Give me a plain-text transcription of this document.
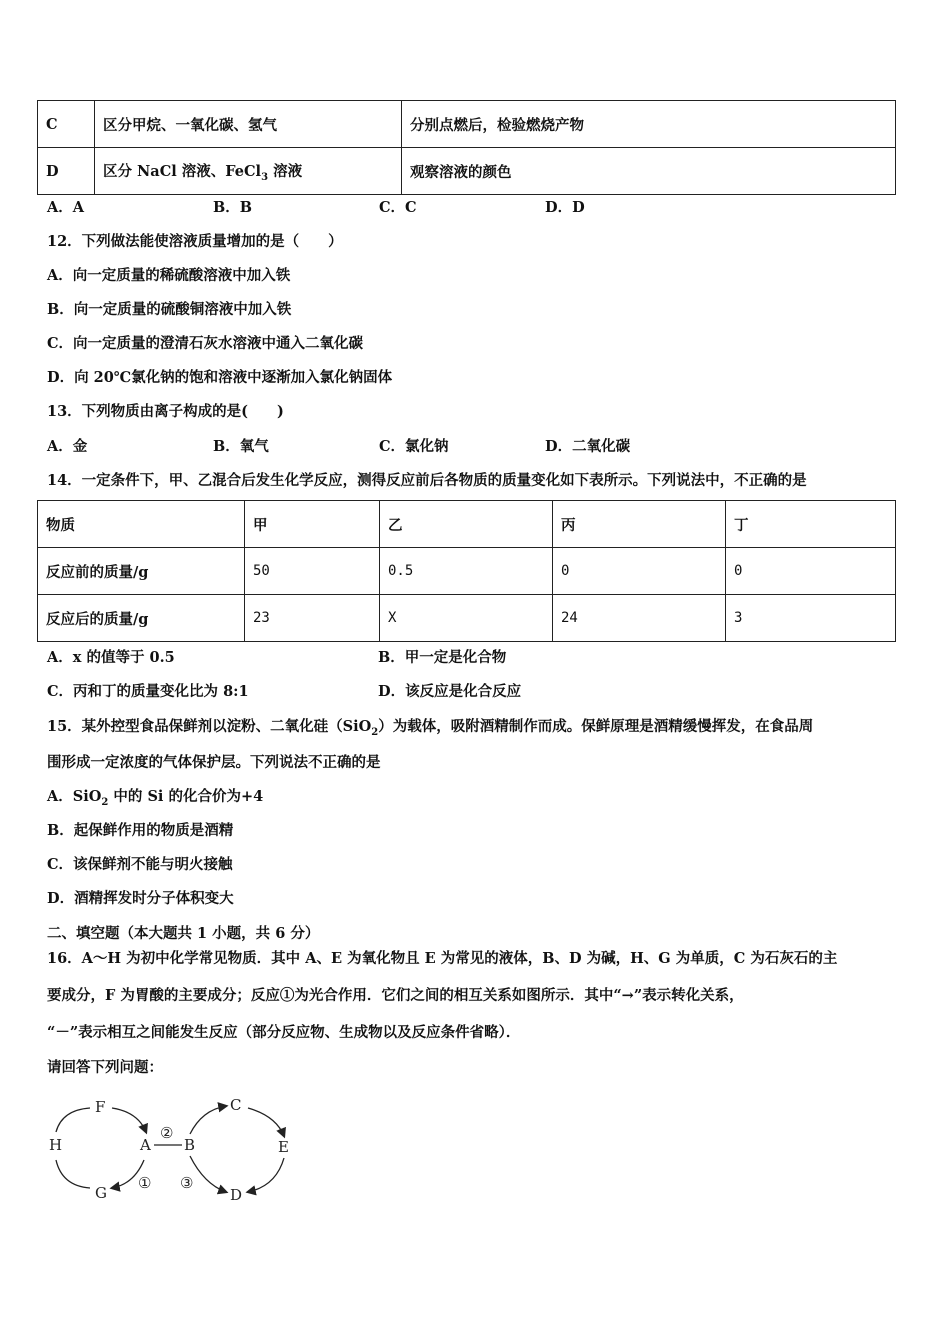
C	区分甲烷、一氧化碳、氢气	分别点燃后，检验燃烧产物
D	区分 NaCl 溶液、FeCl$_3$ 溶液	观察溶液的颜色
A．A	B．B	C．C	D．D
12．下列做法能使溶液质量增加的是（　　）
A．向一定质量的稀硫酸溶液中加入铁
B．向一定质量的硫酸铜溶液中加入铁
C．向一定质量的澄清石灰水溶液中通入二氧化碳
D．向 20℃氯化钠的饱和溶液中逐渐加入氯化钠固体
13．下列物质由离子构成的是(　　)
A．金	B．氧气	C．氯化钠	D．二氧化碳
14．一定条件下，甲、乙混合后发生化学反应，测得反应前后各物质的质量变化如下表所示。下列说法中，不正确的是
物质	甲	乙	丙	丁
反应前的质量/g	50	0.5	0	0
反应后的质量/g	23	X	24	3
A．x 的值等于 0.5	B．甲一定是化合物
C．丙和丁的质量变化比为 8:1	D．该反应是化合反应
15．某外控型食品保鲜剂以淀粉、二氧化硅（SiO$_2$）为载体，吸附酒精制作而成。保鲜原理是酒精缓慢挥发，在食品周
围形成一定浓度的气体保护层。下列说法不正确的是
A．SiO$_2$ 中的 Si 的化合价为+4
B．起保鲜作用的物质是酒精
C．该保鲜剂不能与明火接触
D．酒精挥发时分子体积变大
二、填空题（本大题共 1 小题，共 6 分）
16．A～H 为初中化学常见物质．其中 A、E 为氧化物且 E 为常见的液体，B、D 为碱，H、G 为单质，C 为石灰石的主
要成分，F 为胃酸的主要成分；反应①为光合作用．它们之间的相互关系如图所示．其中“→”表示转化关系，
“－”表示相互之间能发生反应（部分反应物、生成物以及反应条件省略）．
请回答下列问题：
F
H	A B
G
C
E
D
①
②
③
